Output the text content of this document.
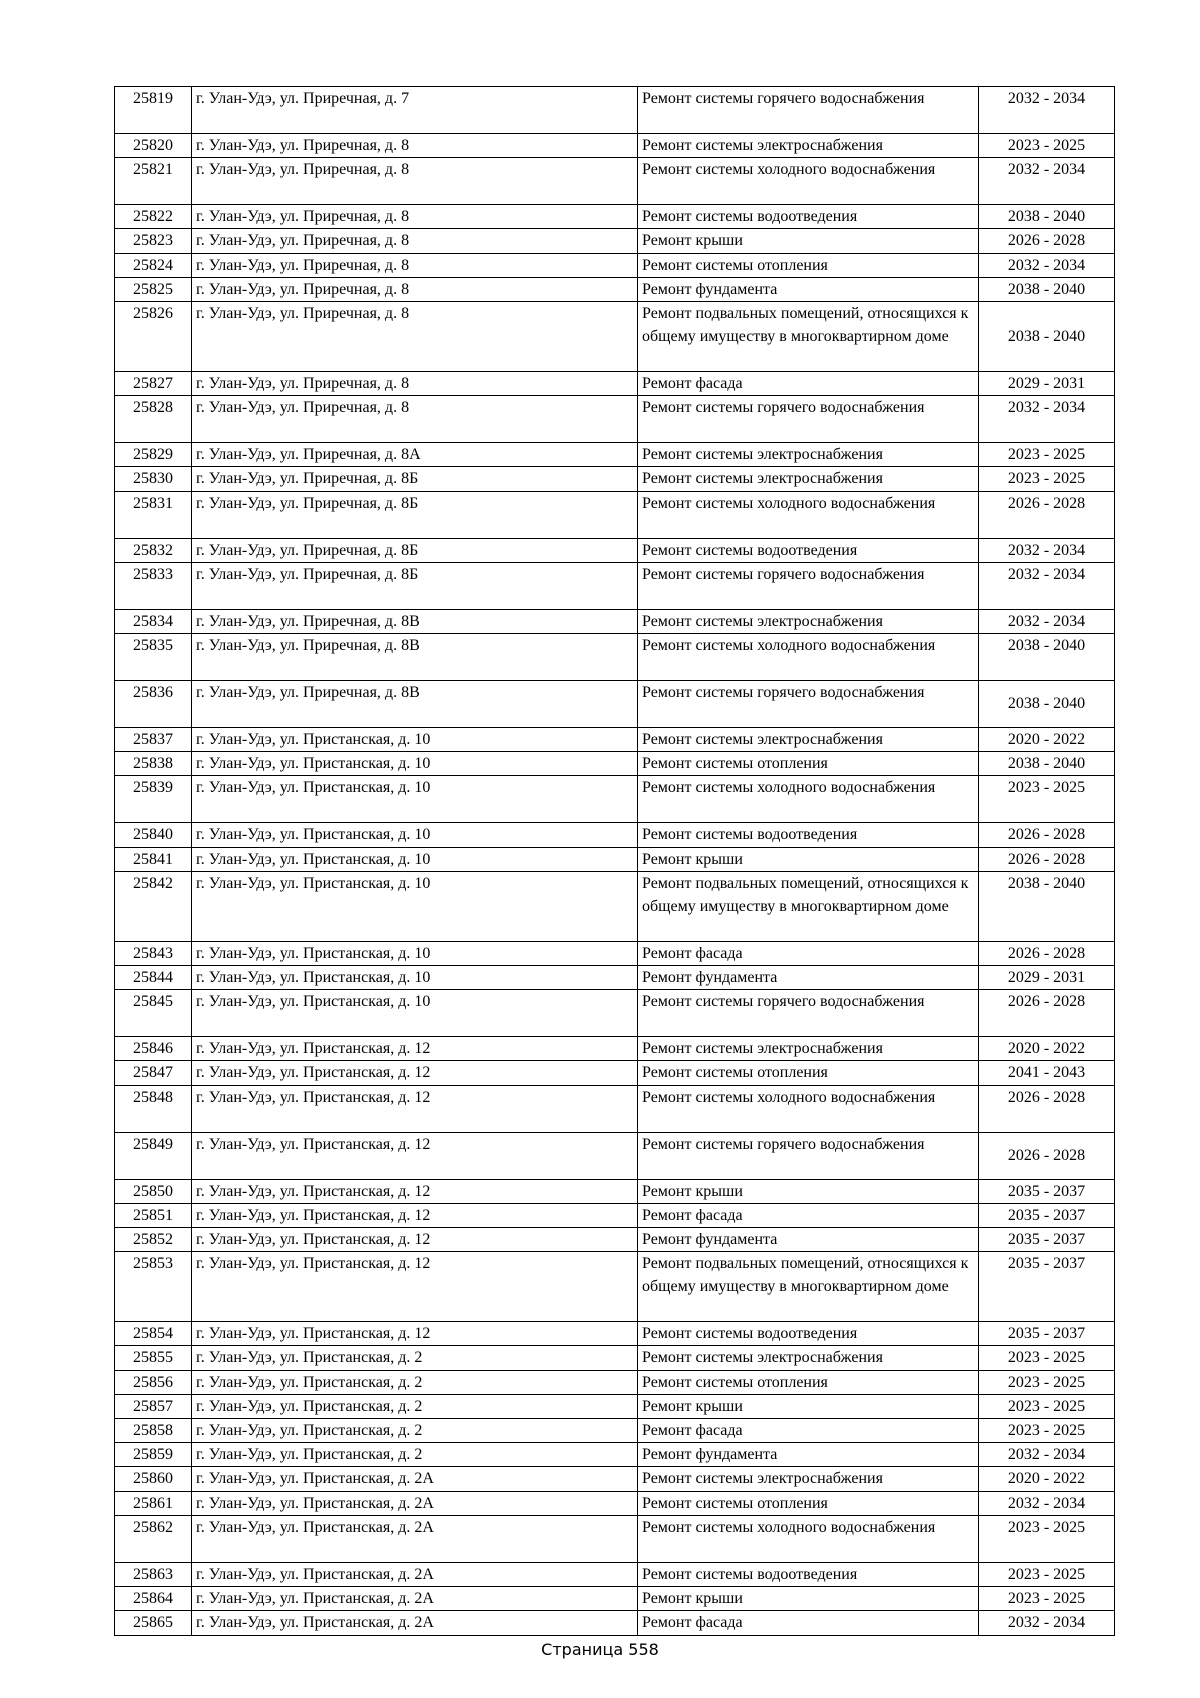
25819	г. Улан-Удэ, ул. Приречная, д. 7	Ремонт системы горячего водоснабжения	2032 - 2034
25820	г. Улан-Удэ, ул. Приречная, д. 8	Ремонт системы электроснабжения	2023 - 2025
25821	г. Улан-Удэ, ул. Приречная, д. 8	Ремонт системы холодного водоснабжения	2032 - 2034
25822	г. Улан-Удэ, ул. Приречная, д. 8	Ремонт системы водоотведения	2038 - 2040
25823	г. Улан-Удэ, ул. Приречная, д. 8	Ремонт крыши	2026 - 2028
25824	г. Улан-Удэ, ул. Приречная, д. 8	Ремонт системы отопления	2032 - 2034
25825	г. Улан-Удэ, ул. Приречная, д. 8	Ремонт фундамента	2038 - 2040
25826	г. Улан-Удэ, ул. Приречная, д. 8	Ремонт подвальных помещений, относящихся к общему имуществу в многоквартирном доме	2038 - 2040
25827	г. Улан-Удэ, ул. Приречная, д. 8	Ремонт фасада	2029 - 2031
25828	г. Улан-Удэ, ул. Приречная, д. 8	Ремонт системы горячего водоснабжения	2032 - 2034
25829	г. Улан-Удэ, ул. Приречная, д. 8А	Ремонт системы электроснабжения	2023 - 2025
25830	г. Улан-Удэ, ул. Приречная, д. 8Б	Ремонт системы электроснабжения	2023 - 2025
25831	г. Улан-Удэ, ул. Приречная, д. 8Б	Ремонт системы холодного водоснабжения	2026 - 2028
25832	г. Улан-Удэ, ул. Приречная, д. 8Б	Ремонт системы водоотведения	2032 - 2034
25833	г. Улан-Удэ, ул. Приречная, д. 8Б	Ремонт системы горячего водоснабжения	2032 - 2034
25834	г. Улан-Удэ, ул. Приречная, д. 8В	Ремонт системы электроснабжения	2032 - 2034
25835	г. Улан-Удэ, ул. Приречная, д. 8В	Ремонт системы холодного водоснабжения	2038 - 2040
25836	г. Улан-Удэ, ул. Приречная, д. 8В	Ремонт системы горячего водоснабжения	2038 - 2040
25837	г. Улан-Удэ, ул. Пристанская, д. 10	Ремонт системы электроснабжения	2020 - 2022
25838	г. Улан-Удэ, ул. Пристанская, д. 10	Ремонт системы отопления	2038 - 2040
25839	г. Улан-Удэ, ул. Пристанская, д. 10	Ремонт системы холодного водоснабжения	2023 - 2025
25840	г. Улан-Удэ, ул. Пристанская, д. 10	Ремонт системы водоотведения	2026 - 2028
25841	г. Улан-Удэ, ул. Пристанская, д. 10	Ремонт крыши	2026 - 2028
25842	г. Улан-Удэ, ул. Пристанская, д. 10	Ремонт подвальных помещений, относящихся к общему имуществу в многоквартирном доме	2038 - 2040
25843	г. Улан-Удэ, ул. Пристанская, д. 10	Ремонт фасада	2026 - 2028
25844	г. Улан-Удэ, ул. Пристанская, д. 10	Ремонт фундамента	2029 - 2031
25845	г. Улан-Удэ, ул. Пристанская, д. 10	Ремонт системы горячего водоснабжения	2026 - 2028
25846	г. Улан-Удэ, ул. Пристанская, д. 12	Ремонт системы электроснабжения	2020 - 2022
25847	г. Улан-Удэ, ул. Пристанская, д. 12	Ремонт системы отопления	2041 - 2043
25848	г. Улан-Удэ, ул. Пристанская, д. 12	Ремонт системы холодного водоснабжения	2026 - 2028
25849	г. Улан-Удэ, ул. Пристанская, д. 12	Ремонт системы горячего водоснабжения	2026 - 2028
25850	г. Улан-Удэ, ул. Пристанская, д. 12	Ремонт крыши	2035 - 2037
25851	г. Улан-Удэ, ул. Пристанская, д. 12	Ремонт фасада	2035 - 2037
25852	г. Улан-Удэ, ул. Пристанская, д. 12	Ремонт фундамента	2035 - 2037
25853	г. Улан-Удэ, ул. Пристанская, д. 12	Ремонт подвальных помещений, относящихся к общему имуществу в многоквартирном доме	2035 - 2037
25854	г. Улан-Удэ, ул. Пристанская, д. 12	Ремонт системы водоотведения	2035 - 2037
25855	г. Улан-Удэ, ул. Пристанская, д. 2	Ремонт системы электроснабжения	2023 - 2025
25856	г. Улан-Удэ, ул. Пристанская, д. 2	Ремонт системы отопления	2023 - 2025
25857	г. Улан-Удэ, ул. Пристанская, д. 2	Ремонт крыши	2023 - 2025
25858	г. Улан-Удэ, ул. Пристанская, д. 2	Ремонт фасада	2023 - 2025
25859	г. Улан-Удэ, ул. Пристанская, д. 2	Ремонт фундамента	2032 - 2034
25860	г. Улан-Удэ, ул. Пристанская, д. 2А	Ремонт системы электроснабжения	2020 - 2022
25861	г. Улан-Удэ, ул. Пристанская, д. 2А	Ремонт системы отопления	2032 - 2034
25862	г. Улан-Удэ, ул. Пристанская, д. 2А	Ремонт системы холодного водоснабжения	2023 - 2025
25863	г. Улан-Удэ, ул. Пристанская, д. 2А	Ремонт системы водоотведения	2023 - 2025
25864	г. Улан-Удэ, ул. Пристанская, д. 2А	Ремонт крыши	2023 - 2025
25865	г. Улан-Удэ, ул. Пристанская, д. 2А	Ремонт фасада	2032 - 2034
Страница 558
